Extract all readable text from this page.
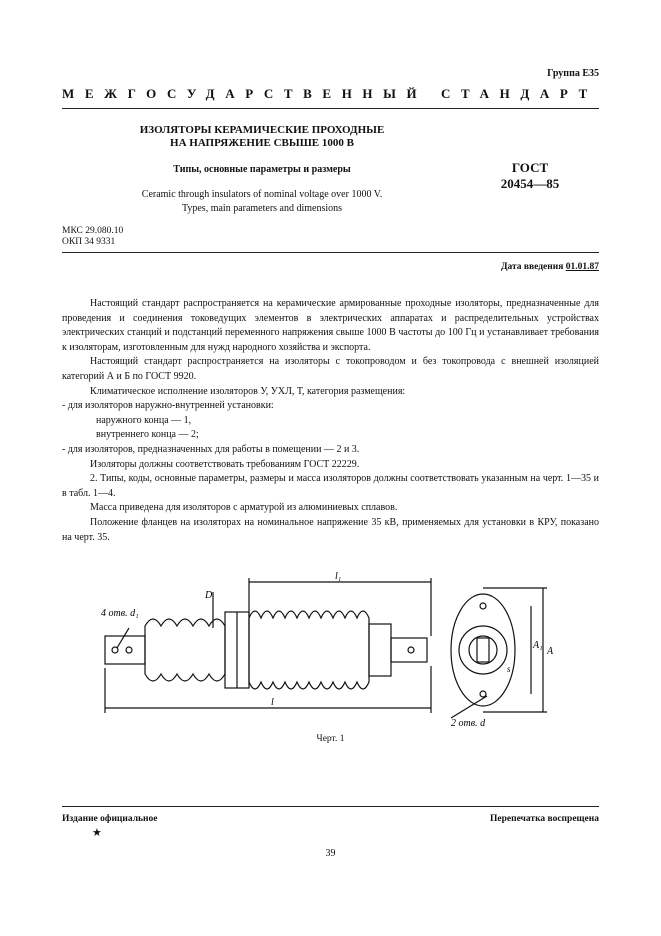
Группа Е35
МЕЖГОСУДАРСТВЕННЫЙ СТАНДАРТ
ИЗОЛЯТОРЫ КЕРАМИЧЕСКИЕ ПРОХОДНЫЕ
НА НАПРЯЖЕНИЕ СВЫШЕ 1000 В
Типы, основные параметры и размеры
Ceramic through insulators of nominal voltage over 1000 V.
Types, main parameters and dimensions
ГОСТ
20454—85
МКС 29.080.10
ОКП 34 9331
Дата введения 01.01.87

Настоящий стандарт распространяется на керамические армированные проходные изоляторы, предназначенные для проведения и соединения токоведущих элементов в электрических аппаратах и распределительных устройствах электрических станций и подстанций переменного напряжения свыше 1000 В частоты до 100 Гц и устанавливает требования к изоляторам, изготовленным для нужд народного хозяйства и экспорта.

Настоящий стандарт распространяется на изоляторы с токопроводом и без токопровода с внешней изоляцией категорий А и Б по ГОСТ 9920.

Климатическое исполнение изоляторов У, УХЛ, Т, категория размещения:

- для изоляторов наружно-внутренней установки:

наружного конца — 1,

внутреннего конца — 2;

- для изоляторов, предназначенных для работы в помещении — 2 и 3.

Изоляторы должны соответствовать требованиям ГОСТ 22229.

2. Типы, коды, основные параметры, размеры и масса изоляторов должны соответствовать указанным на черт. 1—35 и в табл. 1—4.

Масса приведена для изоляторов с арматурой из алюминиевых сплавов.

Положение фланцев на изоляторах на номинальное напряжение 35 кВ, применяемых для установки в КРУ, показано на черт. 35.

4 отв. d₁
D
l₁
l
A
A₁
s
2 отв. d
Черт. 1
Издание официальное	Перепечатка воспрещена
★
39
